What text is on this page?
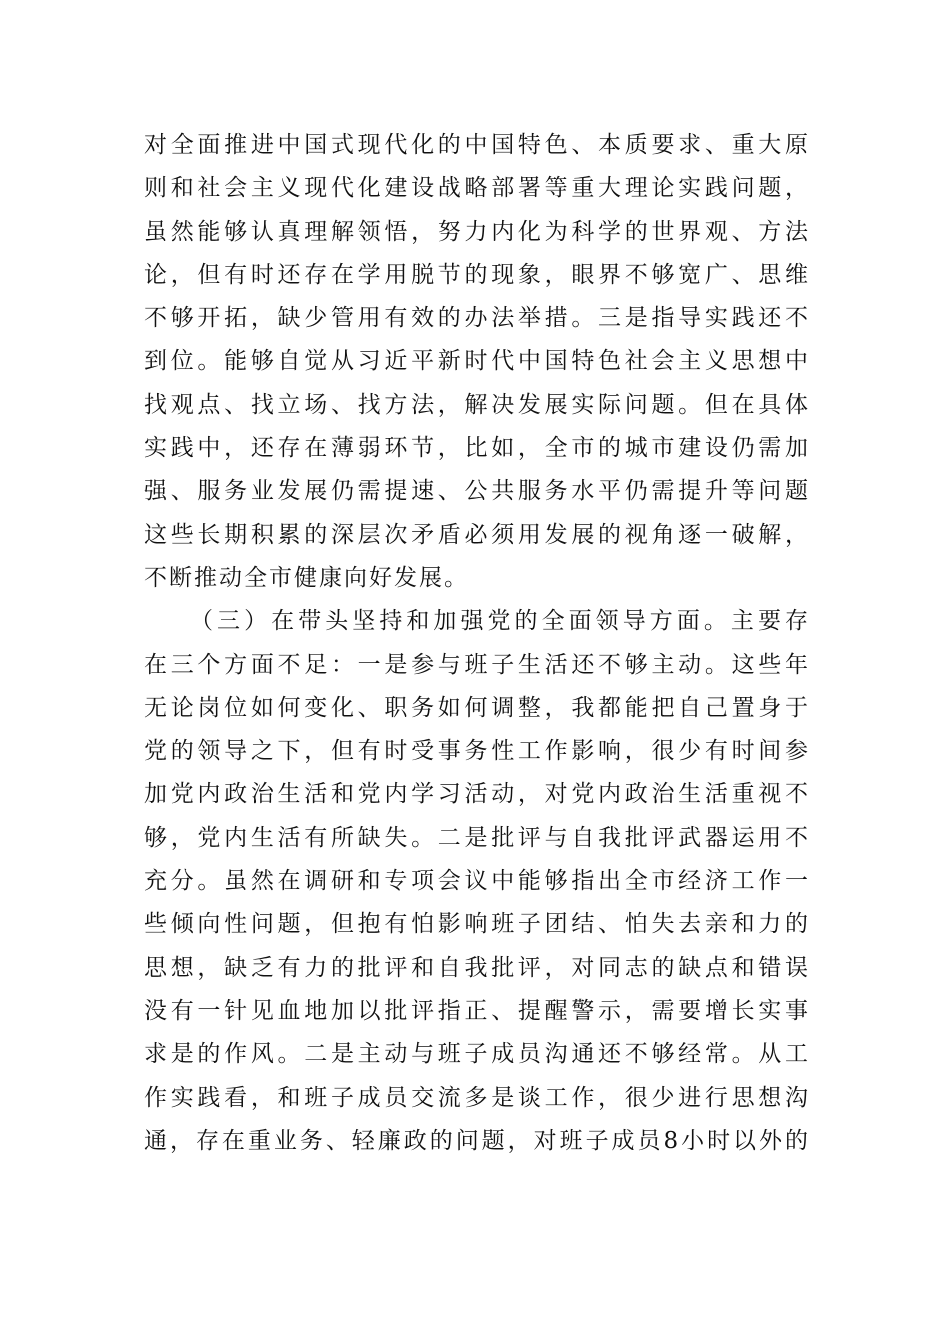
对全面推进中国式现代化的中国特色、本质要求、重大原
则和社会主义现代化建设战略部署等重大理论实践问题，
虽然能够认真理解领悟，努力内化为科学的世界观、方法
论，但有时还存在学用脱节的现象，眼界不够宽广、思维
不够开拓，缺少管用有效的办法举措。三是指导实践还不
到位。能够自觉从习近平新时代中国特色社会主义思想中
找观点、找立场、找方法，解决发展实际问题。但在具体
实践中，还存在薄弱环节，比如，全市的城市建设仍需加
强、服务业发展仍需提速、公共服务水平仍需提升等问题
这些长期积累的深层次矛盾必须用发展的视角逐一破解，
不断推动全市健康向好发展。
（三）在带头坚持和加强党的全面领导方面。主要存
在三个方面不足：一是参与班子生活还不够主动。这些年
无论岗位如何变化、职务如何调整，我都能把自己置身于
党的领导之下，但有时受事务性工作影响，很少有时间参
加党内政治生活和党内学习活动，对党内政治生活重视不
够，党内生活有所缺失。二是批评与自我批评武器运用不
充分。虽然在调研和专项会议中能够指出全市经济工作一
些倾向性问题，但抱有怕影响班子团结、怕失去亲和力的
思想，缺乏有力的批评和自我批评，对同志的缺点和错误
没有一针见血地加以批评指正、提醒警示，需要增长实事
求是的作风。二是主动与班子成员沟通还不够经常。从工
作实践看，和班子成员交流多是谈工作，很少进行思想沟
通，存在重业务、轻廉政的问题，对班子成员8小时以外的
